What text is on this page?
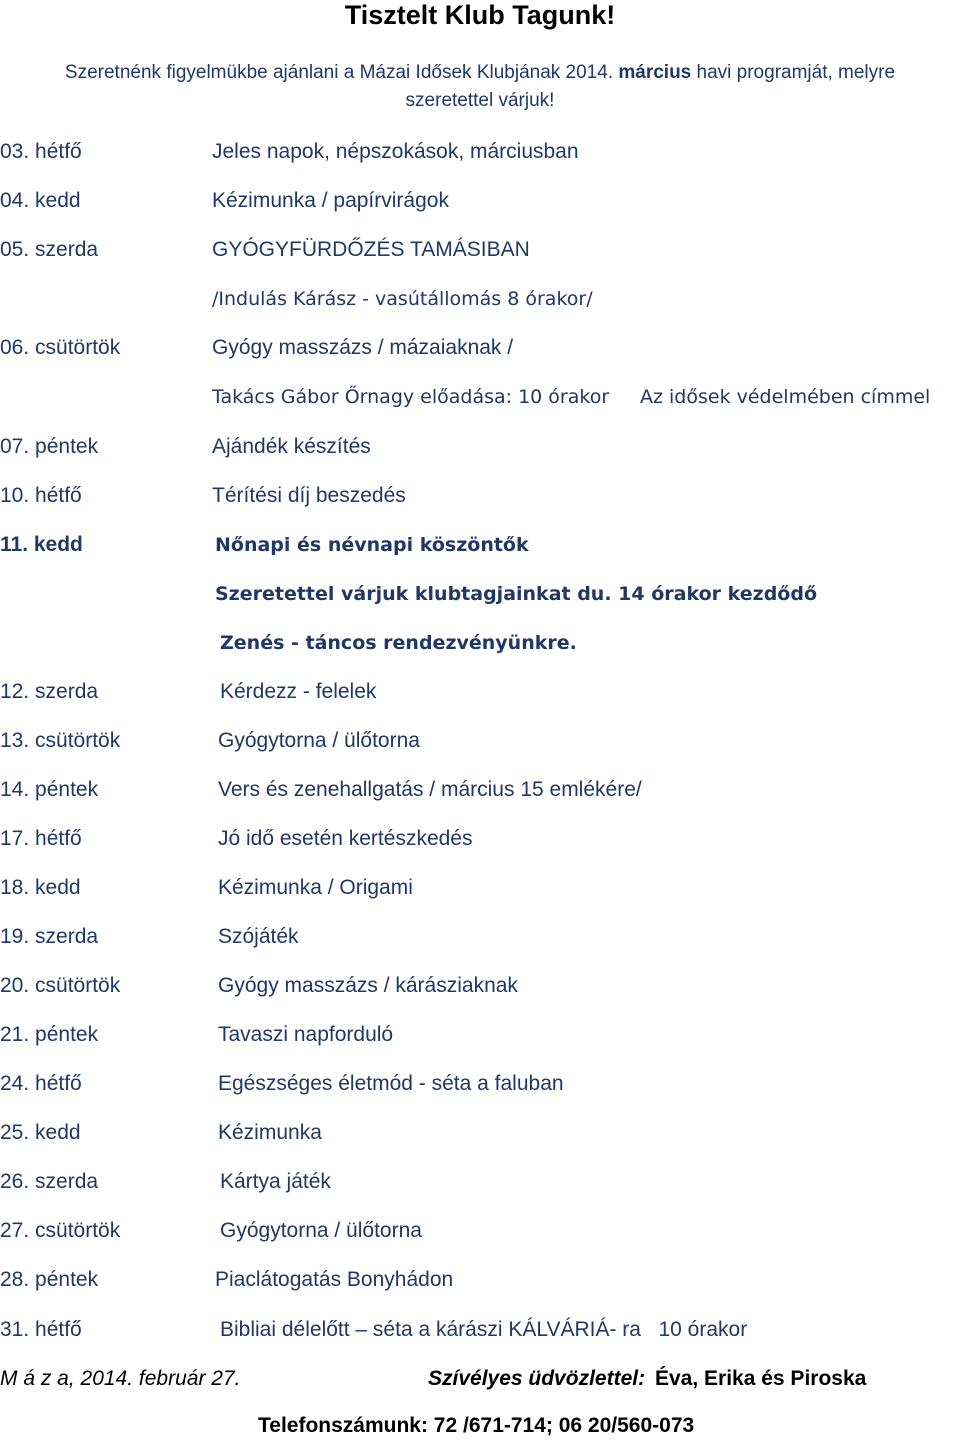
Tisztelt Klub Tagunk!
Szeretnénk figyelmükbe ajánlani a Mázai Idősek Klubjának 2014. március havi programját, melyre
szeretettel várjuk!
03. hétfő	Jeles napok, népszokások, márciusban
04. kedd	Kézimunka / papírvirágok
05. szerda	GYÓGYFÜRDŐZÉS TAMÁSIBAN
/Indulás Kárász - vasútállomás 8 órakor/
06. csütörtök	Gyógy masszázs / mázaiaknak /
Takács Gábor Őrnagy előadása: 10 órakor Az idősek védelmében címmel
07. péntek	Ajándék készítés
10. hétfő	Térítési díj beszedés
11. kedd	Nőnapi és névnapi köszöntők
Szeretettel várjuk klubtagjainkat du. 14 órakor kezdődő
Zenés - táncos rendezvényünkre.
12. szerda	Kérdezz - felelek
13. csütörtök	Gyógytorna / ülőtorna
14. péntek	Vers és zenehallgatás / március 15 emlékére/
17. hétfő	Jó idő esetén kertészkedés
18. kedd	Kézimunka / Origami
19. szerda	Szójáték
20. csütörtök	Gyógy masszázs / kárásziaknak
21. péntek	Tavaszi napforduló
24. hétfő	Egészséges életmód - séta a faluban
25. kedd	Kézimunka
26. szerda	Kártya játék
27. csütörtök	Gyógytorna / ülőtorna
28. péntek	Piaclátogatás Bonyhádon
31. hétfő	Bibliai délelőtt – séta a kárászi KÁLVÁRIÁ- ra   10 órakor
M á z a, 2014. február 27.	Szívélyes üdvözlettel: Éva, Erika és Piroska
Telefonszámunk: 72 /671-714; 06 20/560-073
